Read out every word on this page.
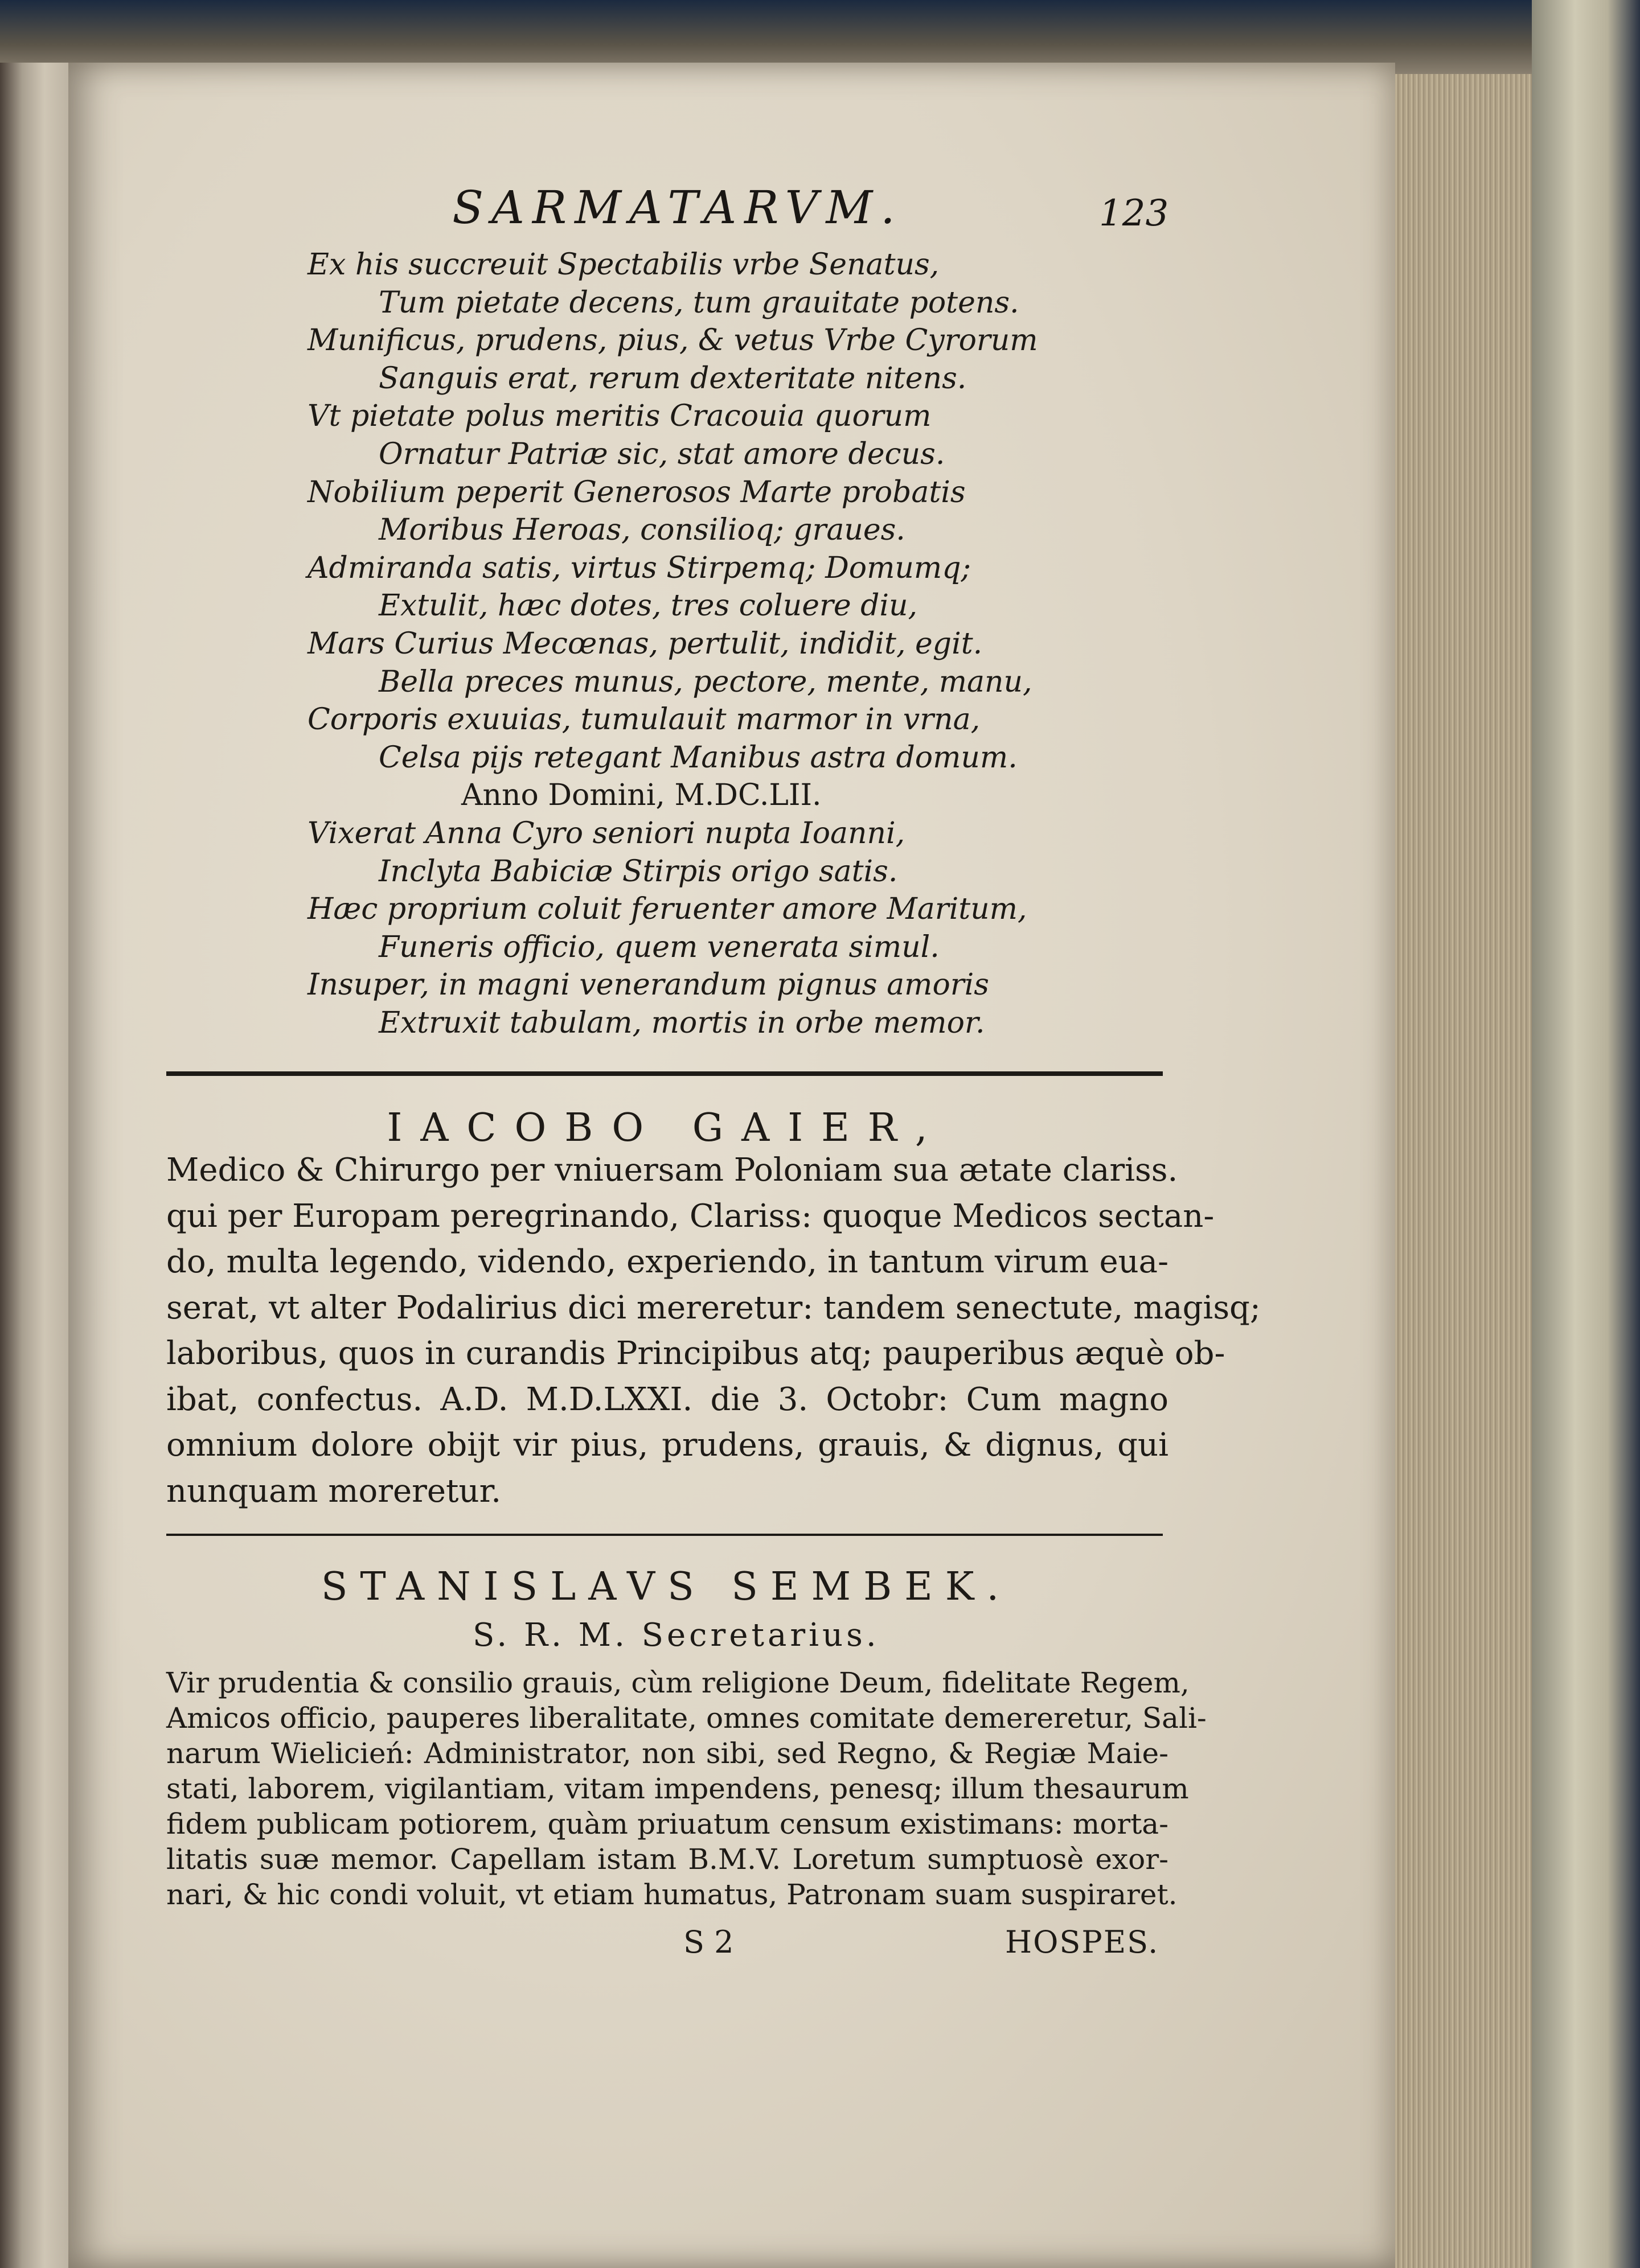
SARMATARVM.	123
Ex his succreuit Spectabilis vrbe Senatus,
Tum pietate decens, tum grauitate potens.
Munificus, prudens, pius, & vetus Vrbe Cyrorum
Sanguis erat, rerum dexteritate nitens.
Vt pietate polus meritis Cracouia quorum
Ornatur Patriæ sic, stat amore decus.
Nobilium peperit Generosos Marte probatis
Moribus Heroas, consilioq; graues.
Admiranda satis, virtus Stirpemq; Domumq;
Extulit, hæc dotes, tres coluere diu,
Mars Curius Mecœnas, pertulit, indidit, egit.
Bella preces munus, pectore, mente, manu,
Corporis exuuias, tumulauit marmor in vrna,
Celsa pijs retegant Manibus astra domum.
Anno Domini, M.DC.LII.
Vixerat Anna Cyro seniori nupta Ioanni,
Inclyta Babiciæ Stirpis origo satis.
Hæc proprium coluit feruenter amore Maritum,
Funeris officio, quem venerata simul.
Insuper, in magni venerandum pignus amoris
Extruxit tabulam, mortis in orbe memor.
IACOBO GAIER,
Medico & Chirurgo per vniuersam Poloniam sua ætate clariss.
qui per Europam peregrinando, Clariss: quoque Medicos sectan-
do, multa legendo, videndo, experiendo, in tantum virum eua-
serat, vt alter Podalirius dici mereretur: tandem senectute, magisq;
laboribus, quos in curandis Principibus atq; pauperibus æquè ob-
ibat, confectus. A.D. M.D.LXXI. die 3. Octobr: Cum magno
omnium dolore obijt vir pius, prudens, grauis, & dignus, qui
nunquam moreretur.
STANISLAVS SEMBEK.
S. R. M. Secretarius.
Vir prudentia & consilio grauis, cùm religione Deum, fidelitate Regem,
Amicos officio, pauperes liberalitate, omnes comitate demereretur, Sali-
narum Wielicień: Administrator, non sibi, sed Regno, & Regiæ Maie-
stati, laborem, vigilantiam, vitam impendens, penesq; illum thesaurum
fidem publicam potiorem, quàm priuatum censum existimans: morta-
litatis suæ memor. Capellam istam B.M.V. Loretum sumptuosè exor-
nari, & hic condi voluit, vt etiam humatus, Patronam suam suspiraret.
S 2	HOSPES.
